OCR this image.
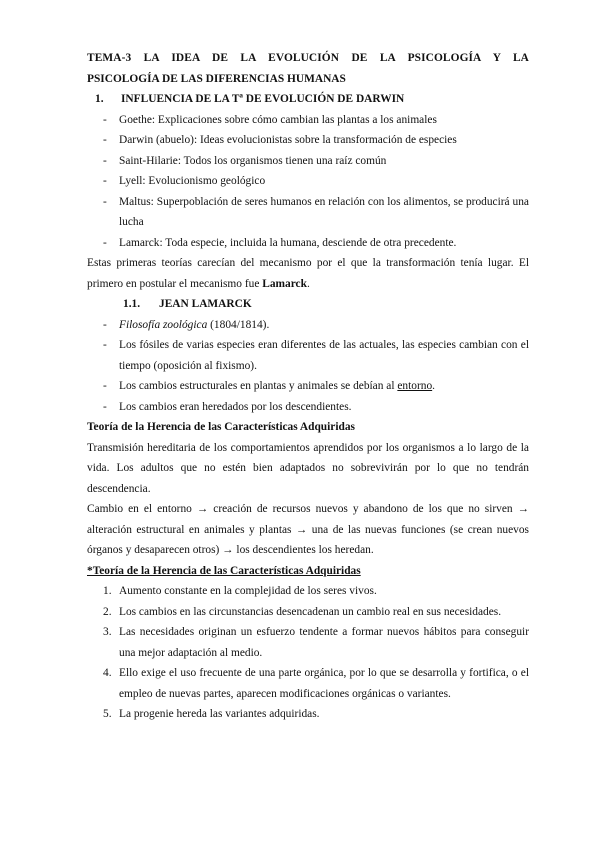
TEMA-3 LA IDEA DE LA EVOLUCIÓN DE LA PSICOLOGÍA Y LA
PSICOLOGÍA DE LAS DIFERENCIAS HUMANAS
1.	INFLUENCIA DE LA Tª DE EVOLUCIÓN DE DARWIN
- Goethe: Explicaciones sobre cómo cambian las plantas a los animales
- Darwin (abuelo): Ideas evolucionistas sobre la transformación de especies
- Saint-Hilarie: Todos los organismos tienen una raíz común
- Lyell: Evolucionismo geológico
- Maltus: Superpoblación de seres humanos en relación con los alimentos, se producirá una lucha
- Lamarck: Toda especie, incluida la humana, desciende de otra precedente.

Estas primeras teorías carecían del mecanismo por el que la transformación tenía lugar. El primero en postular el mecanismo fue Lamarck.

1.1.	JEAN LAMARCK
- Filosofía zoológica (1804/1814).
- Los fósiles de varias especies eran diferentes de las actuales, las especies cambian con el tiempo (oposición al fixismo).
- Los cambios estructurales en plantas y animales se debían al entorno.
- Los cambios eran heredados por los descendientes.
Teoría de la Herencia de las Características Adquiridas

Transmisión hereditaria de los comportamientos aprendidos por los organismos a lo largo de la vida. Los adultos que no estén bien adaptados no sobrevivirán por lo que no tendrán descendencia.

Cambio en el entorno → creación de recursos nuevos y abandono de los que no sirven → alteración estructural en animales y plantas → una de las nuevas funciones (se crean nuevos órganos y desaparecen otros) → los descendientes los heredan.

*Teoría de la Herencia de las Características Adquiridas
1. Aumento constante en la complejidad de los seres vivos.
2. Los cambios en las circunstancias desencadenan un cambio real en sus necesidades.
3. Las necesidades originan un esfuerzo tendente a formar nuevos hábitos para conseguir una mejor adaptación al medio.
4. Ello exige el uso frecuente de una parte orgánica, por lo que se desarrolla y fortifica, o el empleo de nuevas partes, aparecen modificaciones orgánicas o variantes.
5. La progenie hereda las variantes adquiridas.
